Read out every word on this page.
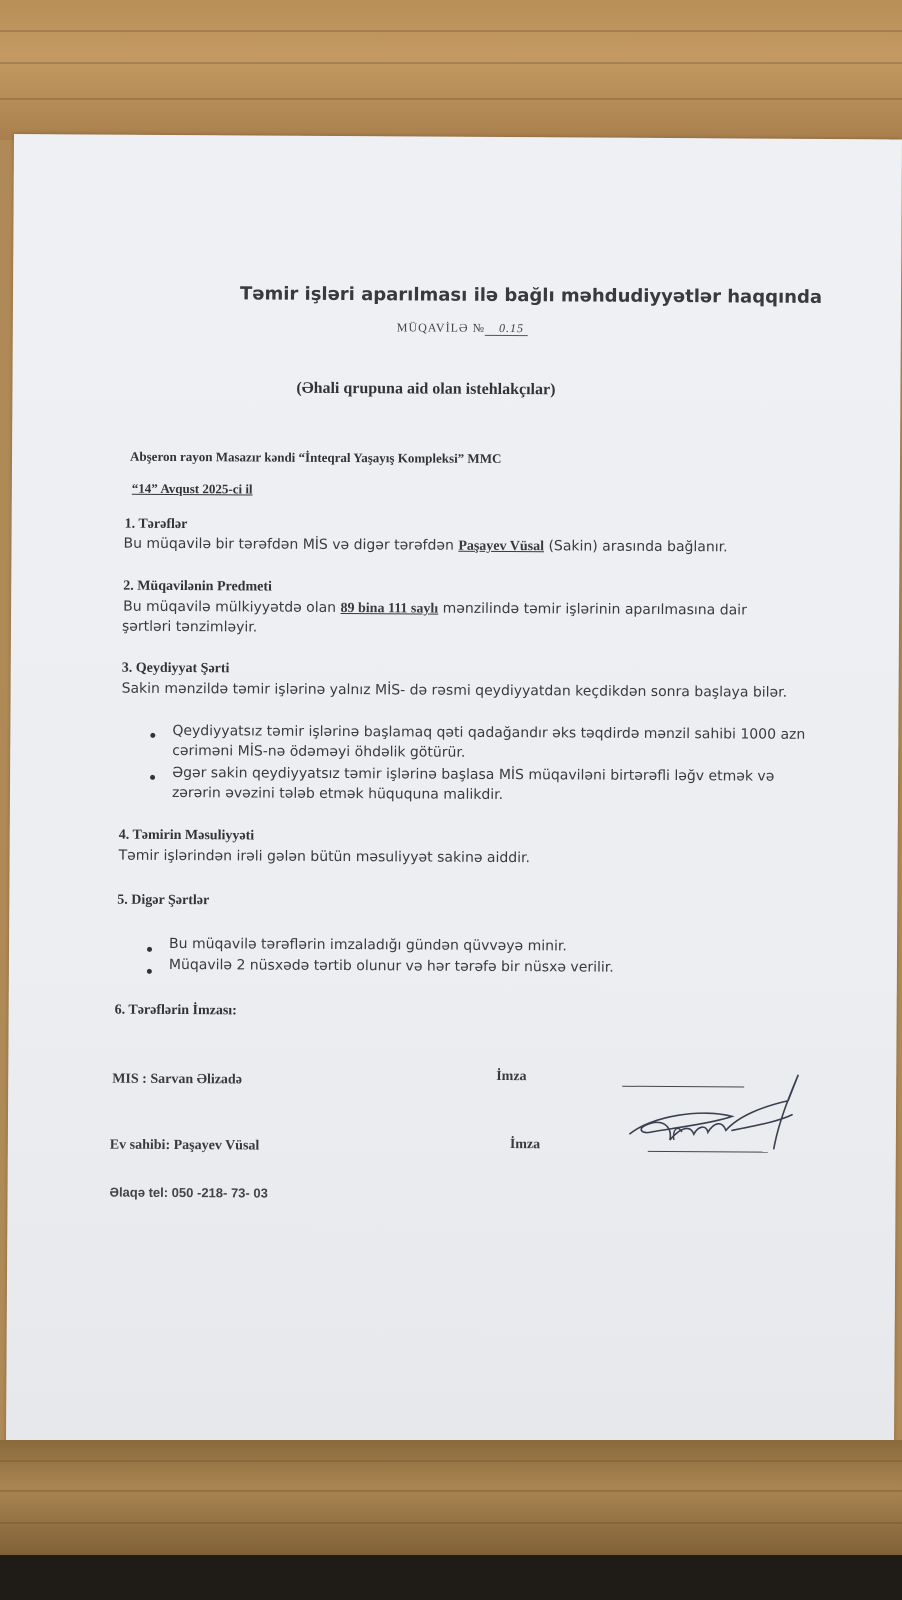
Təmir işləri aparılması ilə bağlı məhdudiyyətlər haqqında
MÜQAVİLƏ № 0.15
(Əhali qrupuna aid olan istehlakçılar)
Abşeron rayon Masazır kəndi “İnteqral Yaşayış Kompleksi” MMC
“14” Avqust 2025-ci il
1. Tərəflər
Bu müqavilə bir tərəfdən MİS və digər tərəfdən Paşayev Vüsal (Sakin) arasında bağlanır.
2. Müqavilənin Predmeti
Bu müqavilə mülkiyyətdə olan 89 bina 111 saylı mənzilində təmir işlərinin aparılmasına dair
şərtləri tənzimləyir.
3. Qeydiyyat Şərti
Sakin mənzildə təmir işlərinə yalnız MİS- də rəsmi qeydiyyatdan keçdikdən sonra başlaya bilər.
Qeydiyyatsız təmir işlərinə başlamaq qəti qadağandır əks təqdirdə mənzil sahibi 1000 azn
cəriməni MİS-nə ödəməyi öhdəlik götürür.
Əgər sakin qeydiyyatsız təmir işlərinə başlasa MİS müqaviləni birtərəfli ləğv etmək və
zərərin əvəzini tələb etmək hüququna malikdir.
4. Təmirin Məsuliyyəti
Təmir işlərindən irəli gələn bütün məsuliyyət sakinə aiddir.
5. Digər Şərtlər
Bu müqavilə tərəflərin imzaladığı gündən qüvvəyə minir.
Müqavilə 2 nüsxədə tərtib olunur və hər tərəfə bir nüsxə verilir.
6. Tərəflərin İmzası:
MIS : Sarvan Əlizadə	İmza
Ev sahibi: Paşayev Vüsal	İmza
Əlaqə tel: 050 -218- 73- 03
